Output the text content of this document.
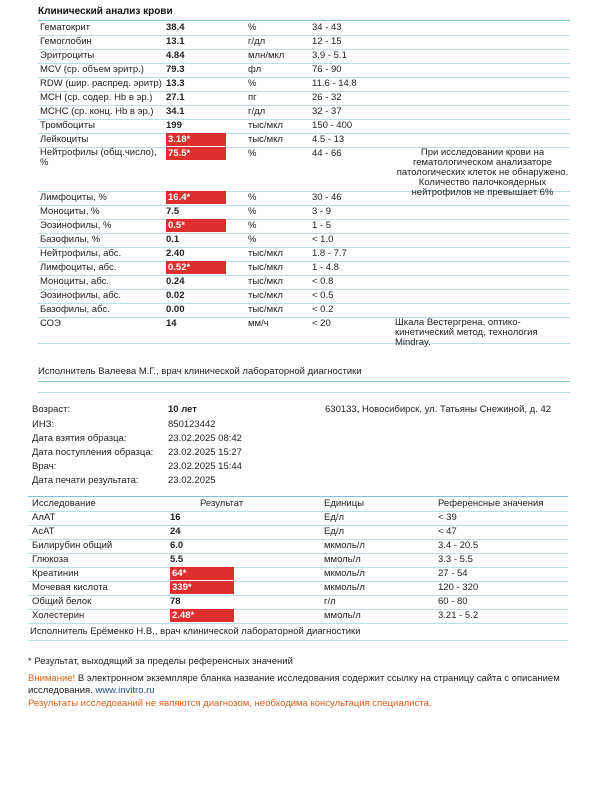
Клинический анализ крови
Гематокрит	38.4	%	34 - 43
Гемоглобин	13.1	г/дл	12 - 15
Эритроциты	4.84	млн/мкл	3.9 - 5.1
MCV (ср. объем эритр.) 79.3	фл	76 - 90
RDW (шир. распред. эритр) 13.3	%	11.6 - 14.8
MCH (ср. содер. Hb в эр.) 27.1	пг	26 - 32
МСНС (ср. конц. Hb в эр.) 34.1	г/дл	32 - 37
Тромбоциты	199	тыс/мкл	150 - 400
Лейкоциты	3.18*	тыс/мкл	4.5 - 13
Нейтрофилы (общ.число), %
75.5*	%	44 - 66	При исследовании крови на гематологическом анализаторе патологических клеток не обнаружено. Количество палочкоядерных нейтрофилов не превышает 6%
Лимфоциты, %	16.4*	%	30 - 46
Моноциты, %	7.5	%	3 - 9
Эозинофилы, %	0.5*	%	1 - 5
Базофилы, %	0.1	%	< 1.0
Нейтрофилы, абс.	2.40	тыс/мкл	1.8 - 7.7
Лимфоциты, абс.	0.52*	тыс/мкл	1 - 4.8
Моноциты, абс.	0.24	тыс/мкл	< 0.8
Эозинофилы, абс.	0.02	тыс/мкл	< 0.5
Базофилы, абс.	0.00	тыс/мкл	< 0.2
СОЭ	14	мм/ч	< 20	Шкала Вестергрена, оптико-кинетический метод, технология Mindray.
Исполнитель Валеева М.Г., врач клинической лабораторной диагностики
630133, Новосибирск, ул. Татьяны Снежиной, д. 42
Возраст:	10 лет
ИНЗ:	850123442
Дата взятия образца:	23.02.2025 08:42
Дата поступления образца: 23.02.2025 15:27
Врач:	23.02.2025 15:44
Дата печати результата:	23.02.2025
Исследование	Результат	Единицы	Референсные значения
АлАТ	16	Ед/л	< 39
АсАТ	24	Ед/л	< 47
Билирубин общий	6.0	мкмоль/л	3.4 - 20.5
Глюкоза	5.5	ммоль/л	3.3 - 5.5
Креатинин	64*	мкмоль/л	27 - 54
Мочевая кислота	339*	мкмоль/л	120 - 320
Общий белок	78	г/л	60 - 80
Холестерин	2.48*	ммоль/л	3.21 - 5.2
Исполнитель Ерёменко Н.В., врач клинической лабораторной диагностики
* Результат, выходящий за пределы референсных значений
Внимание! В электронном экземпляре бланка название исследования содержит ссылку на страницу сайта с описанием исследования. www.invitro.ru
Результаты исследований не являются диагнозом, необходима консультация специалиста.
